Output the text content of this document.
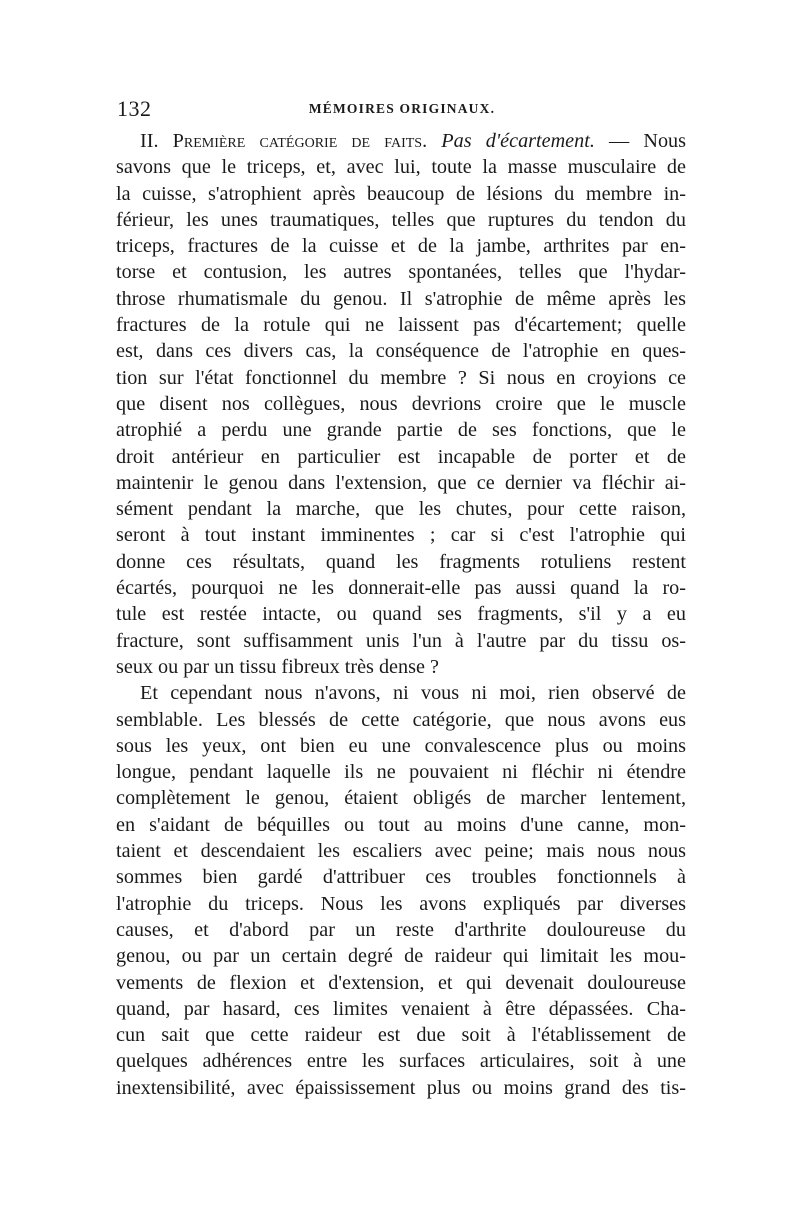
132	MÉMOIRES ORIGINAUX.
II. Première catégorie de faits. Pas d'écartement. — Nous
savons que le triceps, et, avec lui, toute la masse musculaire de
la cuisse, s'atrophient après beaucoup de lésions du membre in-
férieur, les unes traumatiques, telles que ruptures du tendon du
triceps, fractures de la cuisse et de la jambe, arthrites par en-
torse et contusion, les autres spontanées, telles que l'hydar-
throse rhumatismale du genou. Il s'atrophie de même après les
fractures de la rotule qui ne laissent pas d'écartement; quelle
est, dans ces divers cas, la conséquence de l'atrophie en ques-
tion sur l'état fonctionnel du membre ? Si nous en croyions ce
que disent nos collègues, nous devrions croire que le muscle
atrophié a perdu une grande partie de ses fonctions, que le
droit antérieur en particulier est incapable de porter et de
maintenir le genou dans l'extension, que ce dernier va fléchir ai-
sément pendant la marche, que les chutes, pour cette raison,
seront à tout instant imminentes ; car si c'est l'atrophie qui
donne ces résultats, quand les fragments rotuliens restent
écartés, pourquoi ne les donnerait-elle pas aussi quand la ro-
tule est restée intacte, ou quand ses fragments, s'il y a eu
fracture, sont suffisamment unis l'un à l'autre par du tissu os-
seux ou par un tissu fibreux très dense ?
Et cependant nous n'avons, ni vous ni moi, rien observé de
semblable. Les blessés de cette catégorie, que nous avons eus
sous les yeux, ont bien eu une convalescence plus ou moins
longue, pendant laquelle ils ne pouvaient ni fléchir ni étendre
complètement le genou, étaient obligés de marcher lentement,
en s'aidant de béquilles ou tout au moins d'une canne, mon-
taient et descendaient les escaliers avec peine; mais nous nous
sommes bien gardé d'attribuer ces troubles fonctionnels à
l'atrophie du triceps. Nous les avons expliqués par diverses
causes, et d'abord par un reste d'arthrite douloureuse du
genou, ou par un certain degré de raideur qui limitait les mou-
vements de flexion et d'extension, et qui devenait douloureuse
quand, par hasard, ces limites venaient à être dépassées. Cha-
cun sait que cette raideur est due soit à l'établissement de
quelques adhérences entre les surfaces articulaires, soit à une
inextensibilité, avec épaississement plus ou moins grand des tis-
